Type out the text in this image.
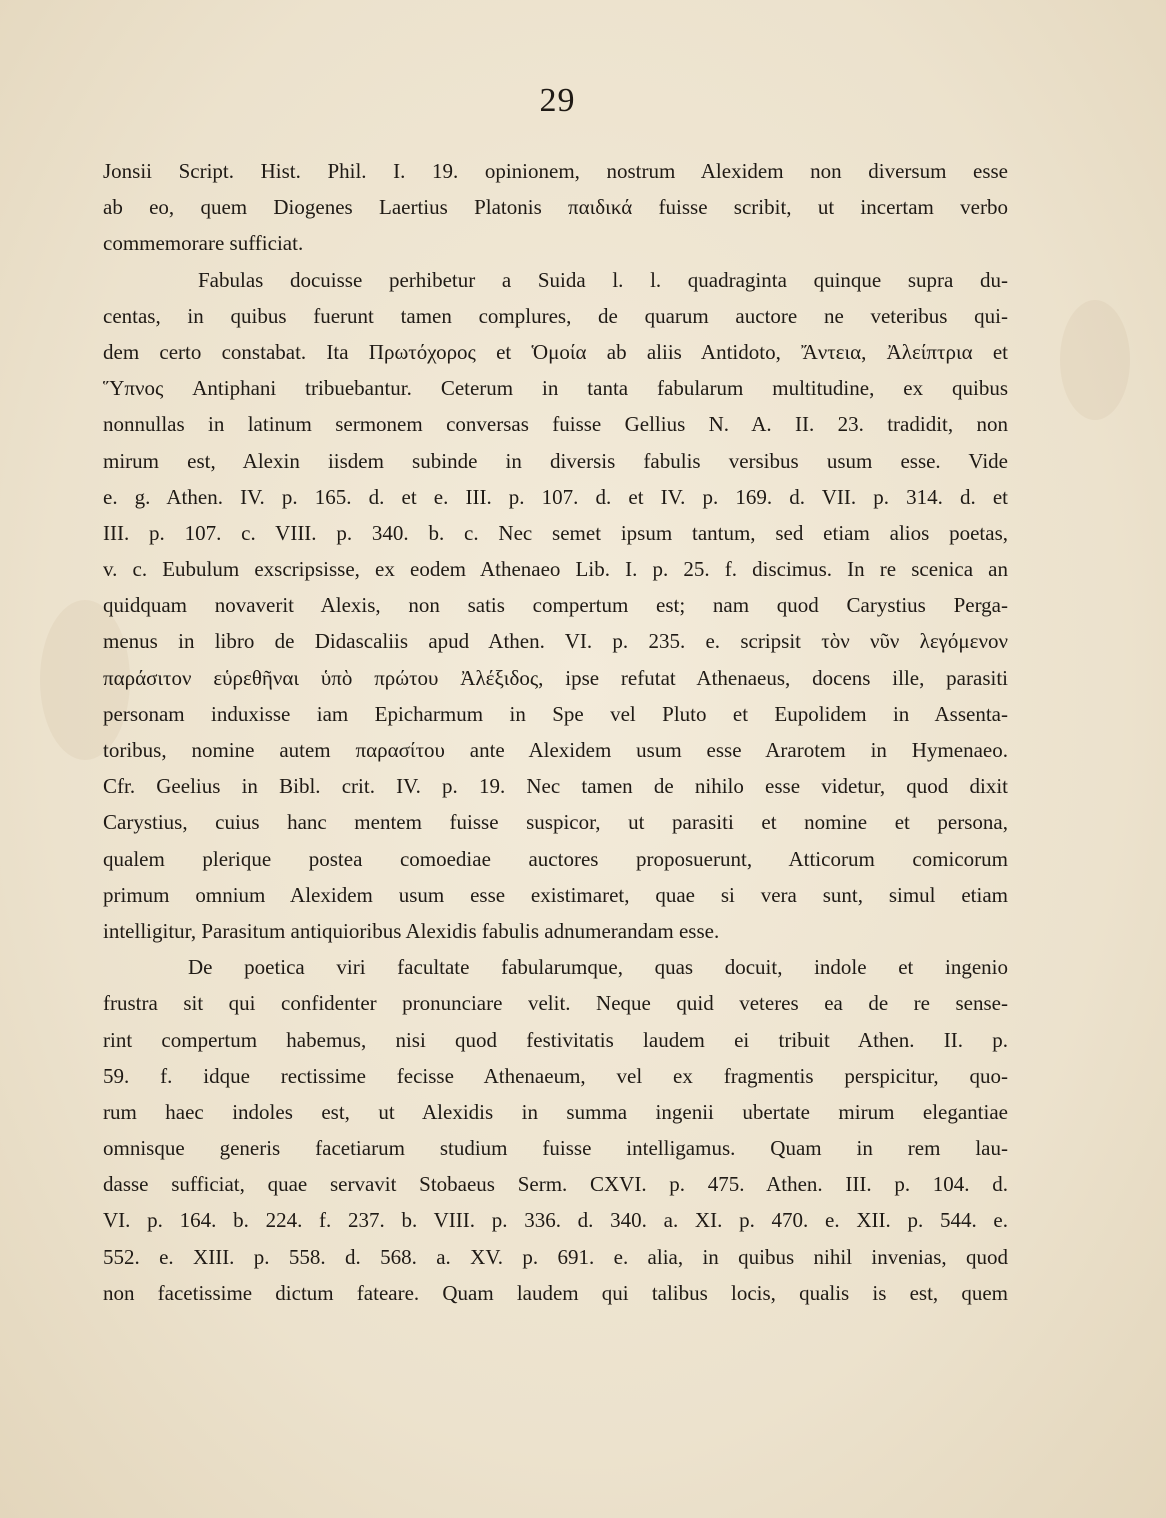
29
Jonsii Script. Hist. Phil. I. 19. opinionem, nostrum Alexidem non diversum esse
ab eo, quem Diogenes Laertius Platonis παιδικά fuisse scribit, ut incertam verbo
commemorare sufficiat.
Fabulas docuisse perhibetur a Suida l. l. quadraginta quinque supra du-
centas, in quibus fuerunt tamen complures, de quarum auctore ne veteribus qui-
dem certo constabat. Ita Πρωτόχορος et Ὁμοία ab aliis Antidoto, Ἄντεια, Ἀλείπτρια et
Ὕπνος Antiphani tribuebantur. Ceterum in tanta fabularum multitudine, ex quibus
nonnullas in latinum sermonem conversas fuisse Gellius N. A. II. 23. tradidit, non
mirum est, Alexin iisdem subinde in diversis fabulis versibus usum esse. Vide
e. g. Athen. IV. p. 165. d. et e. III. p. 107. d. et IV. p. 169. d. VII. p. 314. d. et
III. p. 107. c. VIII. p. 340. b. c. Nec semet ipsum tantum, sed etiam alios poetas,
v. c. Eubulum exscripsisse, ex eodem Athenaeo Lib. I. p. 25. f. discimus. In re scenica an
quidquam novaverit Alexis, non satis compertum est; nam quod Carystius Perga-
menus in libro de Didascaliis apud Athen. VI. p. 235. e. scripsit τὸν νῦν λεγόμενον
παράσιτον εὑρεθῆναι ὑπὸ πρώτου Ἀλέξιδος, ipse refutat Athenaeus, docens ille, parasiti
personam induxisse iam Epicharmum in Spe vel Pluto et Eupolidem in Assenta-
toribus, nomine autem παρασίτου ante Alexidem usum esse Ararotem in Hymenaeo.
Cfr. Geelius in Bibl. crit. IV. p. 19. Nec tamen de nihilo esse videtur, quod dixit
Carystius, cuius hanc mentem fuisse suspicor, ut parasiti et nomine et persona,
qualem plerique postea comoediae auctores proposuerunt, Atticorum comicorum
primum omnium Alexidem usum esse existimaret, quae si vera sunt, simul etiam
intelligitur, Parasitum antiquioribus Alexidis fabulis adnumerandam esse.
De poetica viri facultate fabularumque, quas docuit, indole et ingenio
frustra sit qui confidenter pronunciare velit. Neque quid veteres ea de re sense-
rint compertum habemus, nisi quod festivitatis laudem ei tribuit Athen. II. p.
59. f. idque rectissime fecisse Athenaeum, vel ex fragmentis perspicitur, quo-
rum haec indoles est, ut Alexidis in summa ingenii ubertate mirum elegantiae
omnisque generis facetiarum studium fuisse intelligamus. Quam in rem lau-
dasse sufficiat, quae servavit Stobaeus Serm. CXVI. p. 475. Athen. III. p. 104. d.
VI. p. 164. b. 224. f. 237. b. VIII. p. 336. d. 340. a. XI. p. 470. e. XII. p. 544. e.
552. e. XIII. p. 558. d. 568. a. XV. p. 691. e. alia, in quibus nihil invenias, quod
non facetissime dictum fateare. Quam laudem qui talibus locis, qualis is est, quem
